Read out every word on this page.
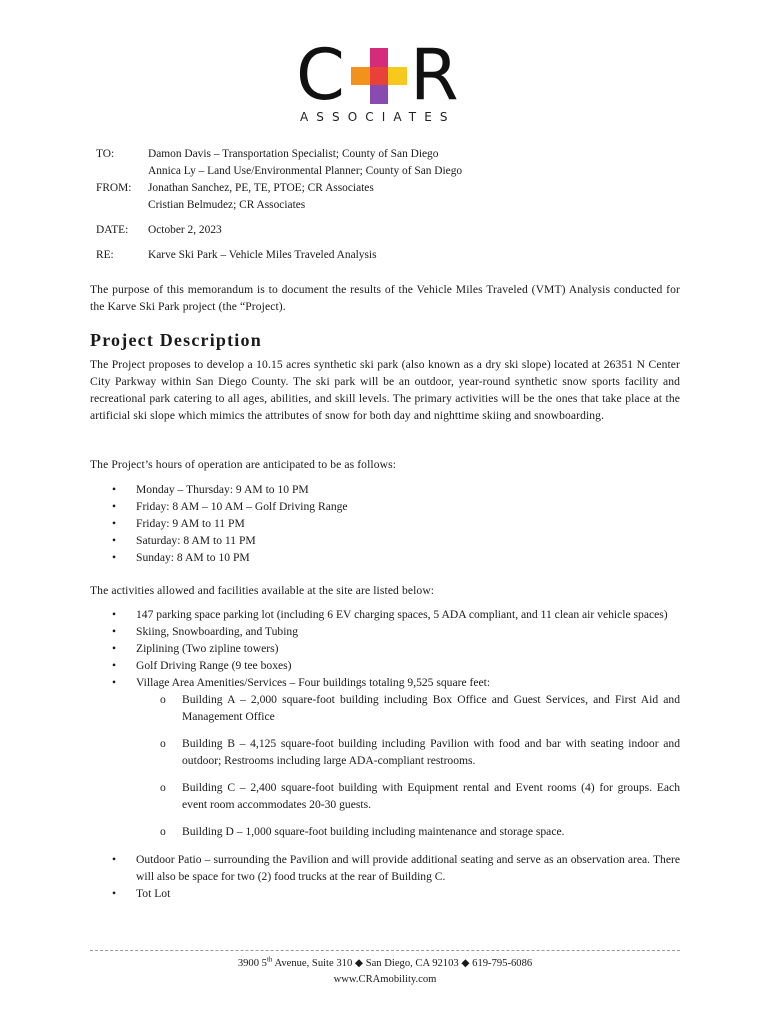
C R
ASSOCIATES
TO:	Damon Davis – Transportation Specialist; County of San Diego
Annica Ly – Land Use/Environmental Planner; County of San Diego
FROM:	Jonathan Sanchez, PE, TE, PTOE; CR Associates
Cristian Belmudez; CR Associates
DATE:	October 2, 2023
RE:	Karve Ski Park – Vehicle Miles Traveled Analysis
The purpose of this memorandum is to document the results of the Vehicle Miles Traveled (VMT) Analysis conducted for the Karve Ski Park project (the “Project).
Project Description
The Project proposes to develop a 10.15 acres synthetic ski park (also known as a dry ski slope) located at 26351 N Center City Parkway within San Diego County. The ski park will be an outdoor, year-round synthetic snow sports facility and recreational park catering to all ages, abilities, and skill levels. The primary activities will be the ones that take place at the artificial ski slope which mimics the attributes of snow for both day and nighttime skiing and snowboarding.
The Project’s hours of operation are anticipated to be as follows:
• Monday – Thursday: 9 AM to 10 PM
• Friday: 8 AM – 10 AM – Golf Driving Range
• Friday: 9 AM to 11 PM
• Saturday: 8 AM to 11 PM
• Sunday: 8 AM to 10 PM
The activities allowed and facilities available at the site are listed below:
• 147 parking space parking lot (including 6 EV charging spaces, 5 ADA compliant, and 11 clean air vehicle spaces)
• Skiing, Snowboarding, and Tubing
• Ziplining (Two zipline towers)
• Golf Driving Range (9 tee boxes)
• Village Area Amenities/Services – Four buildings totaling 9,525 square feet:
o Building A – 2,000 square-foot building including Box Office and Guest Services, and First Aid and Management Office
o Building B – 4,125 square-foot building including Pavilion with food and bar with seating indoor and outdoor; Restrooms including large ADA-compliant restrooms.
o Building C – 2,400 square-foot building with Equipment rental and Event rooms (4) for groups. Each event room accommodates 20-30 guests.
o Building D – 1,000 square-foot building including maintenance and storage space.
• Outdoor Patio – surrounding the Pavilion and will provide additional seating and serve as an observation area. There will also be space for two (2) food trucks at the rear of Building C.
• Tot Lot
3900 5th Avenue, Suite 310 ◆ San Diego, CA 92103 ◆ 619-795-6086
www.CRAmobility.com
